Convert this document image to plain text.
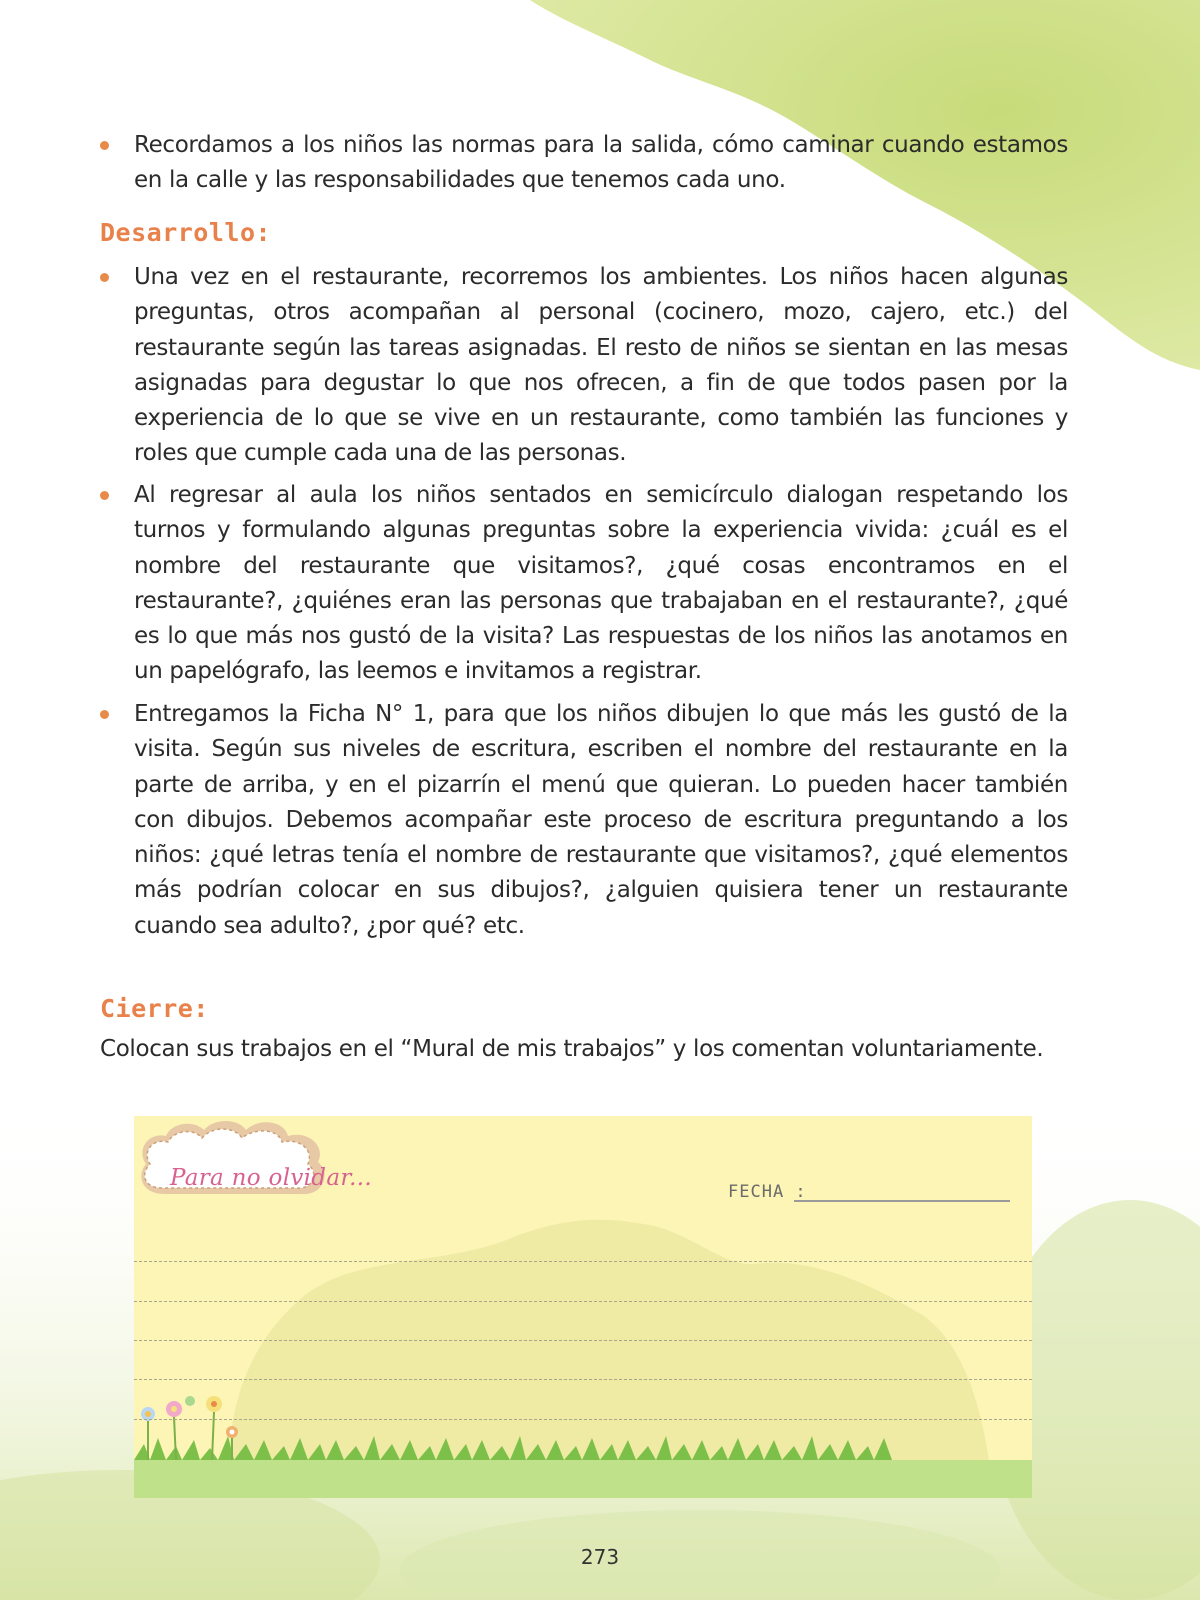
Recordamos a los niños las normas para la salida, cómo caminar cuando estamos en la calle y las responsabilidades que tenemos cada uno.
Desarrollo:
Una vez en el restaurante, recorremos los ambientes. Los niños hacen algunas preguntas, otros acompañan al personal (cocinero, mozo, cajero, etc.) del restaurante según las tareas asignadas. El resto de niños se sientan en las mesas asignadas para degustar lo que nos ofrecen, a fin de que todos pasen por la experiencia de lo que se vive en un restaurante, como también las funciones y roles que cumple cada una de las personas.
Al regresar al aula los niños sentados en semicírculo dialogan respetando los turnos y formulando algunas preguntas sobre la experiencia vivida: ¿cuál es el nombre del restaurante que visitamos?, ¿qué cosas encontramos en el restaurante?, ¿quiénes eran las personas que trabajaban en el restaurante?, ¿qué es lo que más nos gustó de la visita? Las respuestas de los niños las anotamos en un papelógrafo, las leemos e invitamos a registrar.
Entregamos la Ficha N° 1, para que los niños dibujen lo que más les gustó de la visita. Según sus niveles de escritura, escriben el nombre del restaurante en la parte de arriba, y en el pizarrín el menú que quieran. Lo pueden hacer también con dibujos. Debemos acompañar este proceso de escritura preguntando a los niños: ¿qué letras tenía el nombre de restaurante que visitamos?, ¿qué elementos más podrían colocar en sus dibujos?, ¿alguien quisiera tener un restaurante cuando sea adulto?, ¿por qué? etc.
Cierre:
Colocan sus trabajos en el “Mural de mis trabajos” y los comentan voluntariamente.
Para no olvidar...
FECHA :
273
